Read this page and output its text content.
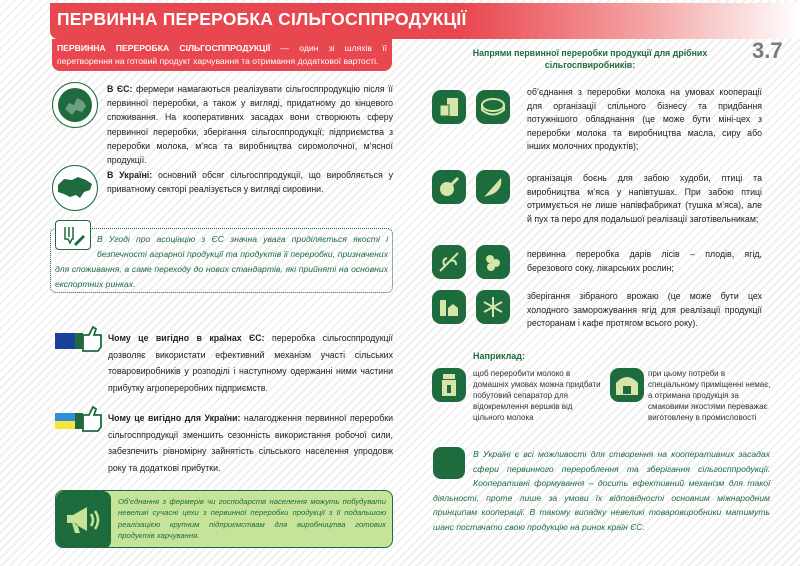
ПЕРВИННА ПЕРЕРОБКА СІЛЬГОСППРОДУКЦІЇ
3.7
ПЕРВИННА ПЕРЕРОБКА СІЛЬГОСППРОДУКЦІЇ — один зі шляхів її перетворення на готовий продукт харчування та отримання додаткової вартості.
В ЄС: фермери намагаються реалізувати сільгосппродукцію після її первинної переробки, а також у вигляді, придатному до кінцевого споживання. На кооперативних засадах вони створюють сферу первинної переробки, зберігання сільгосппродукції; підприємства з переробки молока, м’яса та виробництва сиромолочної, м’ясної продукції.
В Україні: основний обсяг сільгосппродукції, що виробляється у приватному секторі реалізується у вигляді сировини.
В Угоді про асоціацію з ЄС значна увага приділяється якості і безпечності аграрної продукції та продуктів її переробки, призначених для споживання, а саме переходу до нових стандартів, які прийняті на основних експортних ринках.
Чому це вигідно в країнах ЄС: переробка сільгосппродукції дозволяє використати ефективний механізм участі сільських товаровиробників у розподілі і наступному одержанні ними частини прибутку агропереробних підприємств.
Чому це вигідно для України: налагодження первинної переробки сільгосппродукції зменшить сезонність використання робочої сили, забезпечить рівномірну зайнятість сільського населення упродовж року та додаткові прибутки.
Об’єднання з фермерів чи господарств населення можуть побудувати невеликі сучасні цехи з первинної переробки продукції з її подальшою реалізацією крупним підприємствам для виробництва готових продуктів харчування.
Напрями первинної переробки продукції для дрібних сільгоспвиробників:
об’єднання з переробки молока на умовах кооперації для організації спільного бізнесу та придбання потужнішого обладнання (це може бути міні-цех з переробки молока та виробництва масла, сиру або інших молочних продуктів);
організація боєнь для забою худоби, птиці та виробництва м’яса у напівтушах. При забою птиці отримується не лише напівфабрикат (тушка м’яса), але й пух та перо для подальшої реалізації заготівельникам;
первинна переробка дарів лісів – плодів, ягід, березового соку, лікарських рослин;
зберігання зібраного врожаю (це може бути цех холодного заморожування ягід для реалізації продукції ресторанам і кафе протягом всього року).
Наприклад:
щоб переробити молоко в домашніх умовах можна придбати побутовий сепаратор для відокремлення вершків від цільного молока
при цьому потреби в спеціальному приміщенні немає, а отримана продукція за смаковими якостями переважає виготовлену в промисловості
В Україні є всі можливості для створення на кооперативних засадах сфери первинного перероблення та зберігання сільгосппродукції. Кооперативні формування – досить ефективний механізм для такої діяльності, проте лише за умови їх відповідності основним міжнародним принципам кооперації. В такому випадку невеликі товаровиробники матимуть шанс постачати свою продукцію на ринок країн ЄС.
